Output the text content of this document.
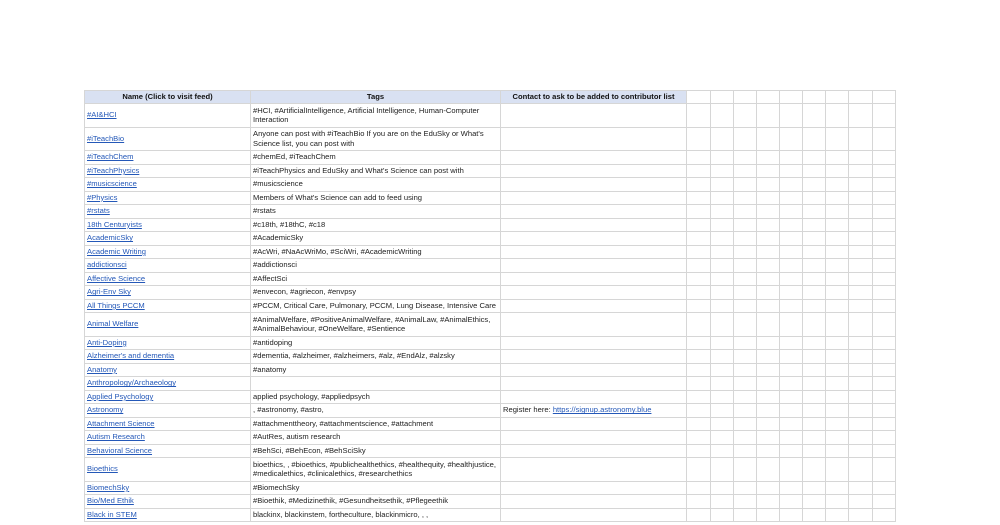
Name (Click to visit feed)	Tags	Contact to ask to be added to contributor list									
#AI&HCI	#HCI, #ArtificialIntelligence, Artificial Intelligence, Human-Computer Interaction										
#iTeachBio	Anyone can post with #iTeachBio If you are on the EduSky or What's Science list, you can post with										
#iTeachChem	#chemEd, #iTeachChem										
#iTeachPhysics	#iTeachPhysics and EduSky and What's Science can post with										
#musicscience	#musicscience										
#Physics	Members of What's Science can add to feed using										
#rstats	#rstats										
18th Centuryists	#c18th, #18thC, #c18										
AcademicSky	#AcademicSky										
Academic Writing	#AcWri, #NaAcWriMo, #SciWri, #AcademicWriting										
addictionsci	#addictionsci										
Affective Science	#AffectSci										
Agri-Env Sky	#envecon, #agriecon, #envpsy										
All Things PCCM	#PCCM, Critical Care, Pulmonary, PCCM, Lung Disease, Intensive Care										
Animal Welfare	#AnimalWelfare, #PositiveAnimalWelfare, #AnimalLaw, #AnimalEthics, #AnimalBehaviour, #OneWelfare, #Sentience										
Anti-Doping	#antidoping										
Alzheimer's and dementia	#dementia, #alzheimer, #alzheimers, #alz, #EndAlz, #alzsky										
Anatomy	#anatomy										
Anthropology/Archaeology											
Applied Psychology	applied psychology, #appliedpsych										
Astronomy	, #astronomy, #astro,	Register here: https://signup.astronomy.blue									
Attachment Science	#attachmenttheory, #attachmentscience, #attachment										
Autism Research	#AutRes, autism research										
Behavioral Science	#BehSci, #BehEcon, #BehSciSky										
Bioethics	bioethics, , #bioethics, #publichealthethics, #healthequity, #healthjustice, #medicalethics, #clinicalethics, #researchethics										
BiomechSky	#BiomechSky										
Bio/Med Ethik	#Bioethik, #Medizinethik, #Gesundheitsethik, #Pflegeethik										
Black in STEM	blackinx, blackinstem, fortheculture, blackinmicro, , ,										
